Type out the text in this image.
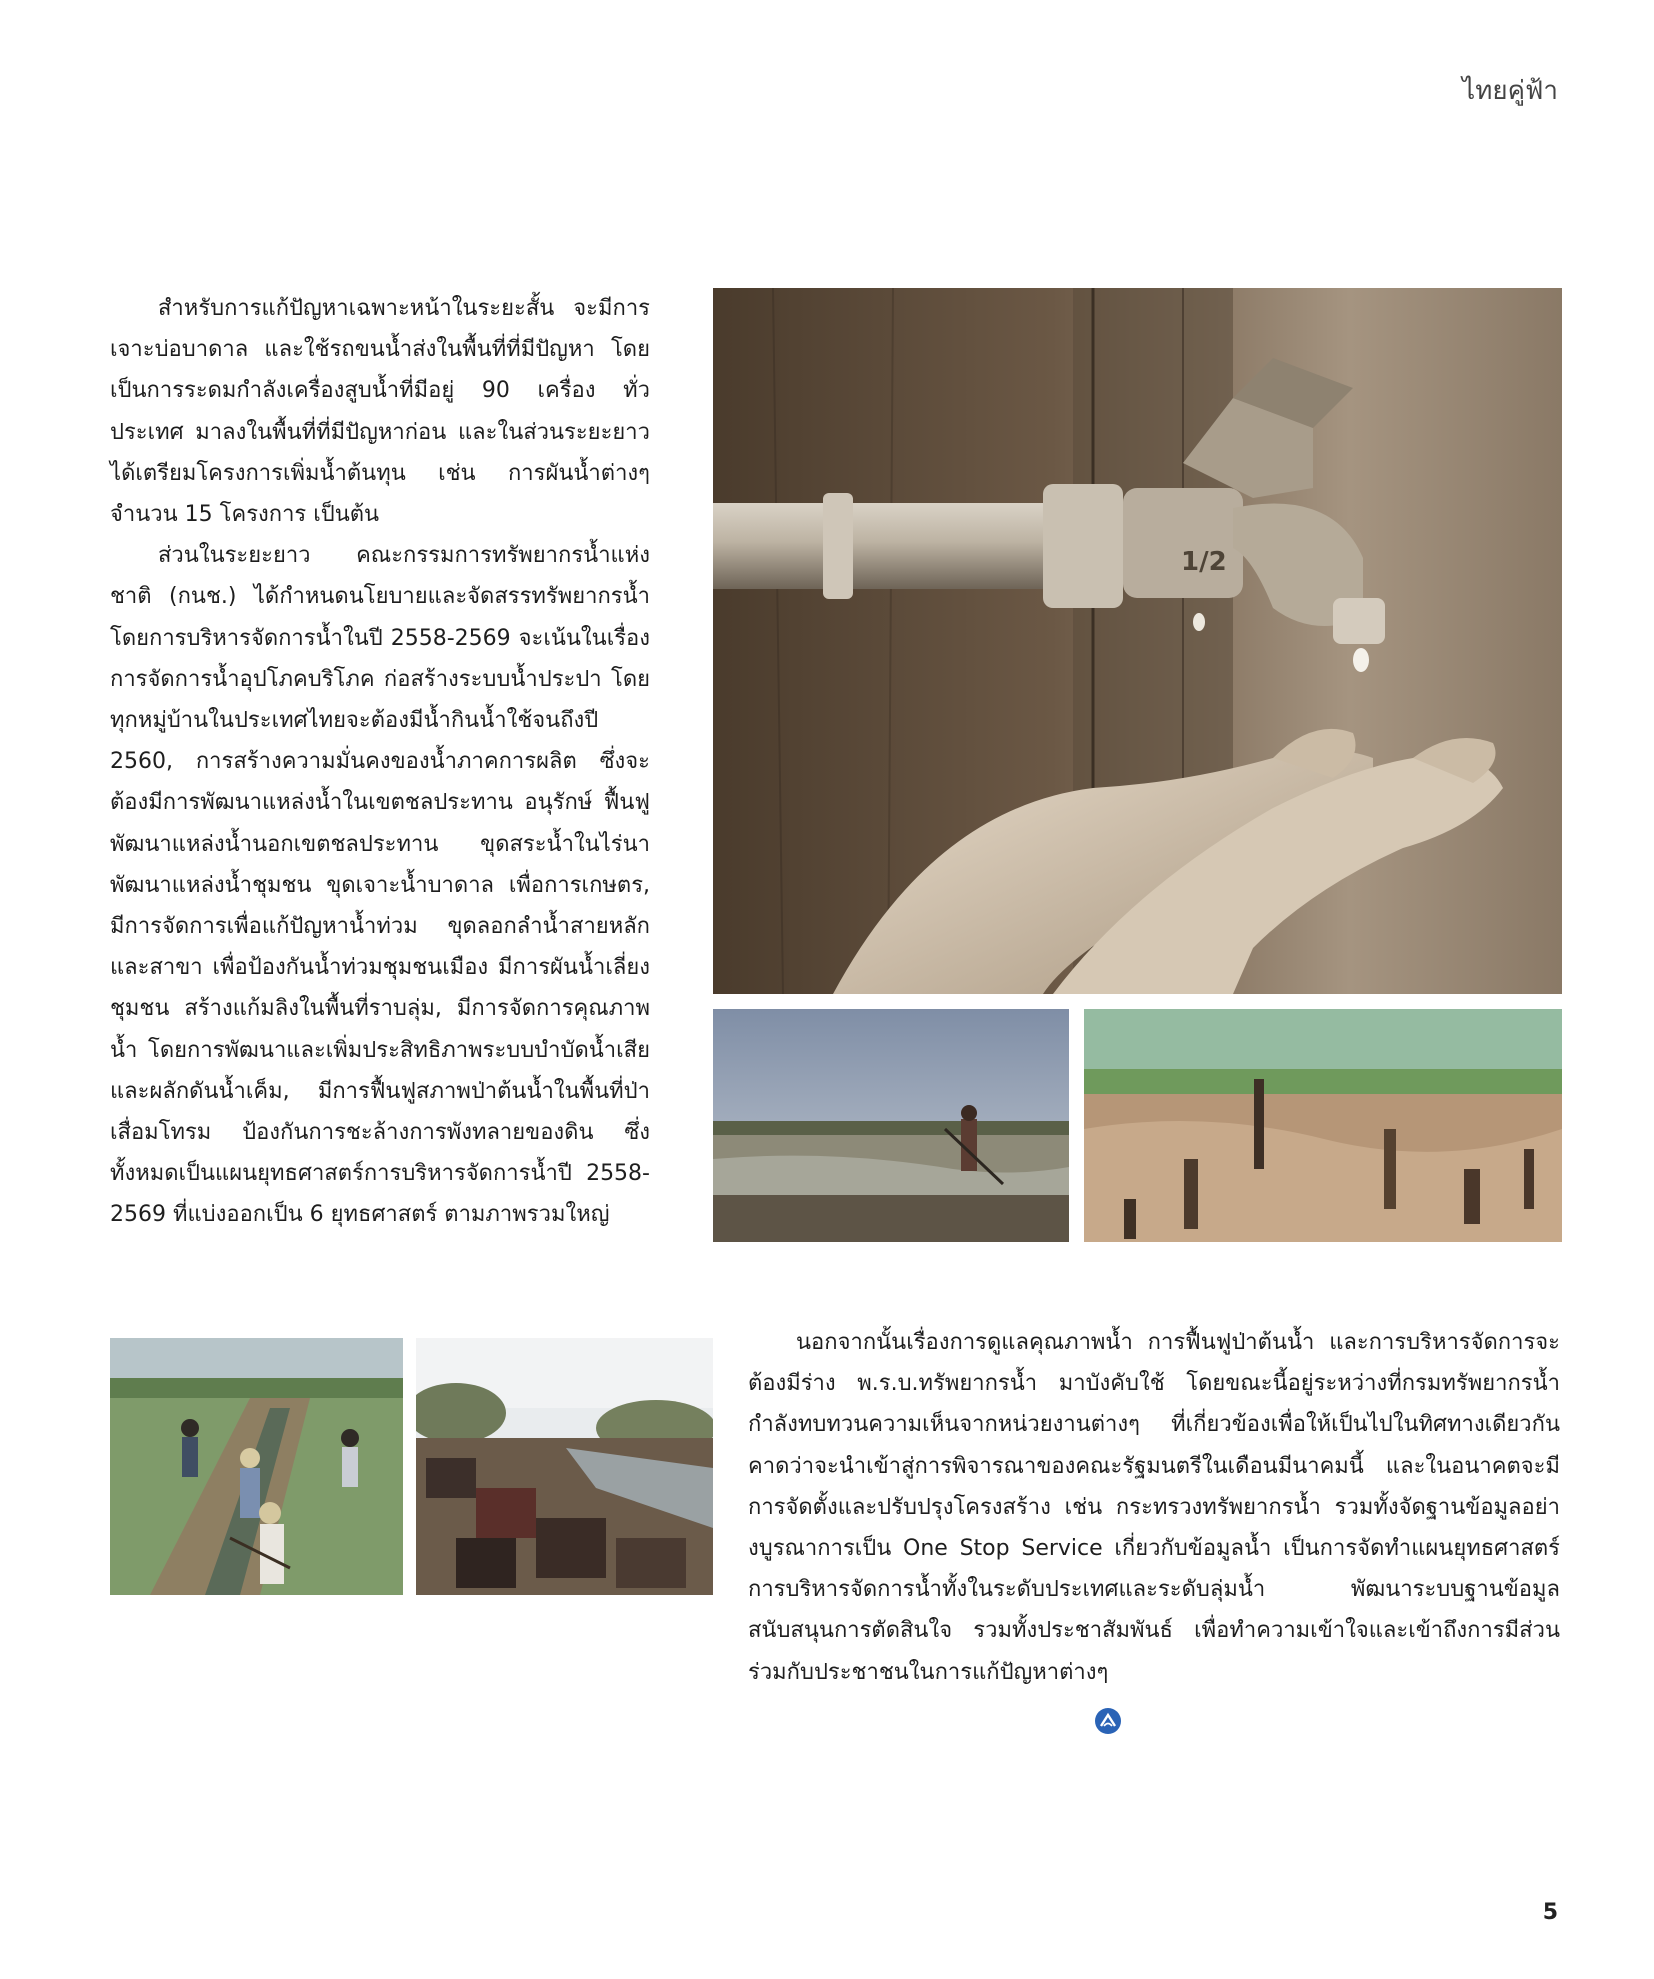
ไทยคู่ฟ้า

สำหรับการแก้ปัญหาเฉพาะหน้าในระยะสั้น จะมีการเจาะบ่อบาดาล และใช้รถขนน้ำส่งในพื้นที่ที่มีปัญหา โดยเป็นการระดมกำลังเครื่องสูบน้ำที่มีอยู่ 90 เครื่อง ทั่วประเทศ มาลงในพื้นที่ที่มีปัญหาก่อน และในส่วนระยะยาวได้เตรียมโครงการเพิ่มน้ำต้นทุน เช่น การผันน้ำต่างๆ จำนวน 15 โครงการ เป็นต้น

ส่วนในระยะยาว คณะกรรมการทรัพยากรน้ำแห่งชาติ (กนช.) ได้กำหนดนโยบายและจัดสรรทรัพยากรน้ำ โดยการบริหารจัดการน้ำในปี 2558-2569 จะเน้นในเรื่องการจัดการน้ำอุปโภคบริโภค ก่อสร้างระบบน้ำประปา โดยทุกหมู่บ้านในประเทศไทยจะต้องมีน้ำกินน้ำใช้จนถึงปี 2560, การสร้างความมั่นคงของน้ำภาคการผลิต ซึ่งจะต้องมีการพัฒนาแหล่งน้ำในเขตชลประทาน อนุรักษ์ ฟื้นฟู พัฒนาแหล่งน้ำนอกเขตชลประทาน ขุดสระน้ำในไร่นา พัฒนาแหล่งน้ำชุมชน ขุดเจาะน้ำบาดาล เพื่อการเกษตร, มีการจัดการเพื่อแก้ปัญหาน้ำท่วม ขุดลอกลำน้ำสายหลักและสาขา เพื่อป้องกันน้ำท่วมชุมชนเมือง มีการผันน้ำเลี่ยงชุมชน สร้างแก้มลิงในพื้นที่ราบลุ่ม, มีการจัดการคุณภาพน้ำ โดยการพัฒนาและเพิ่มประสิทธิภาพระบบบำบัดน้ำเสีย และผลักดันน้ำเค็ม, มีการฟื้นฟูสภาพป่าต้นน้ำในพื้นที่ป่าเสื่อมโทรม ป้องกันการชะล้างการพังทลายของดิน ซึ่งทั้งหมดเป็นแผนยุทธศาสตร์การบริหารจัดการน้ำปี 2558-2569 ที่แบ่งออกเป็น 6 ยุทธศาสตร์ ตามภาพรวมใหญ่

1/2

นอกจากนั้นเรื่องการดูแลคุณภาพน้ำ การฟื้นฟูป่าต้นน้ำ และการบริหารจัดการจะต้องมีร่าง พ.ร.บ.ทรัพยากรน้ำ มาบังคับใช้ โดยขณะนี้อยู่ระหว่างที่กรมทรัพยากรน้ำกำลังทบทวนความเห็นจากหน่วยงานต่างๆ ที่เกี่ยวข้องเพื่อให้เป็นไปในทิศทางเดียวกัน คาดว่าจะนำเข้าสู่การพิจารณาของคณะรัฐมนตรีในเดือนมีนาคมนี้ และในอนาคตจะมีการจัดตั้งและปรับปรุงโครงสร้าง เช่น กระทรวงทรัพยากรน้ำ รวมทั้งจัดฐานข้อมูลอย่างบูรณาการเป็น One Stop Service เกี่ยวกับข้อมูลน้ำ เป็นการจัดทำแผนยุทธศาสตร์การบริหารจัดการน้ำทั้งในระดับประเทศและระดับลุ่มน้ำ พัฒนาระบบฐานข้อมูล สนับสนุนการตัดสินใจ รวมทั้งประชาสัมพันธ์ เพื่อทำความเข้าใจและเข้าถึงการมีส่วนร่วมกับประชาชนในการแก้ปัญหาต่างๆ

5
